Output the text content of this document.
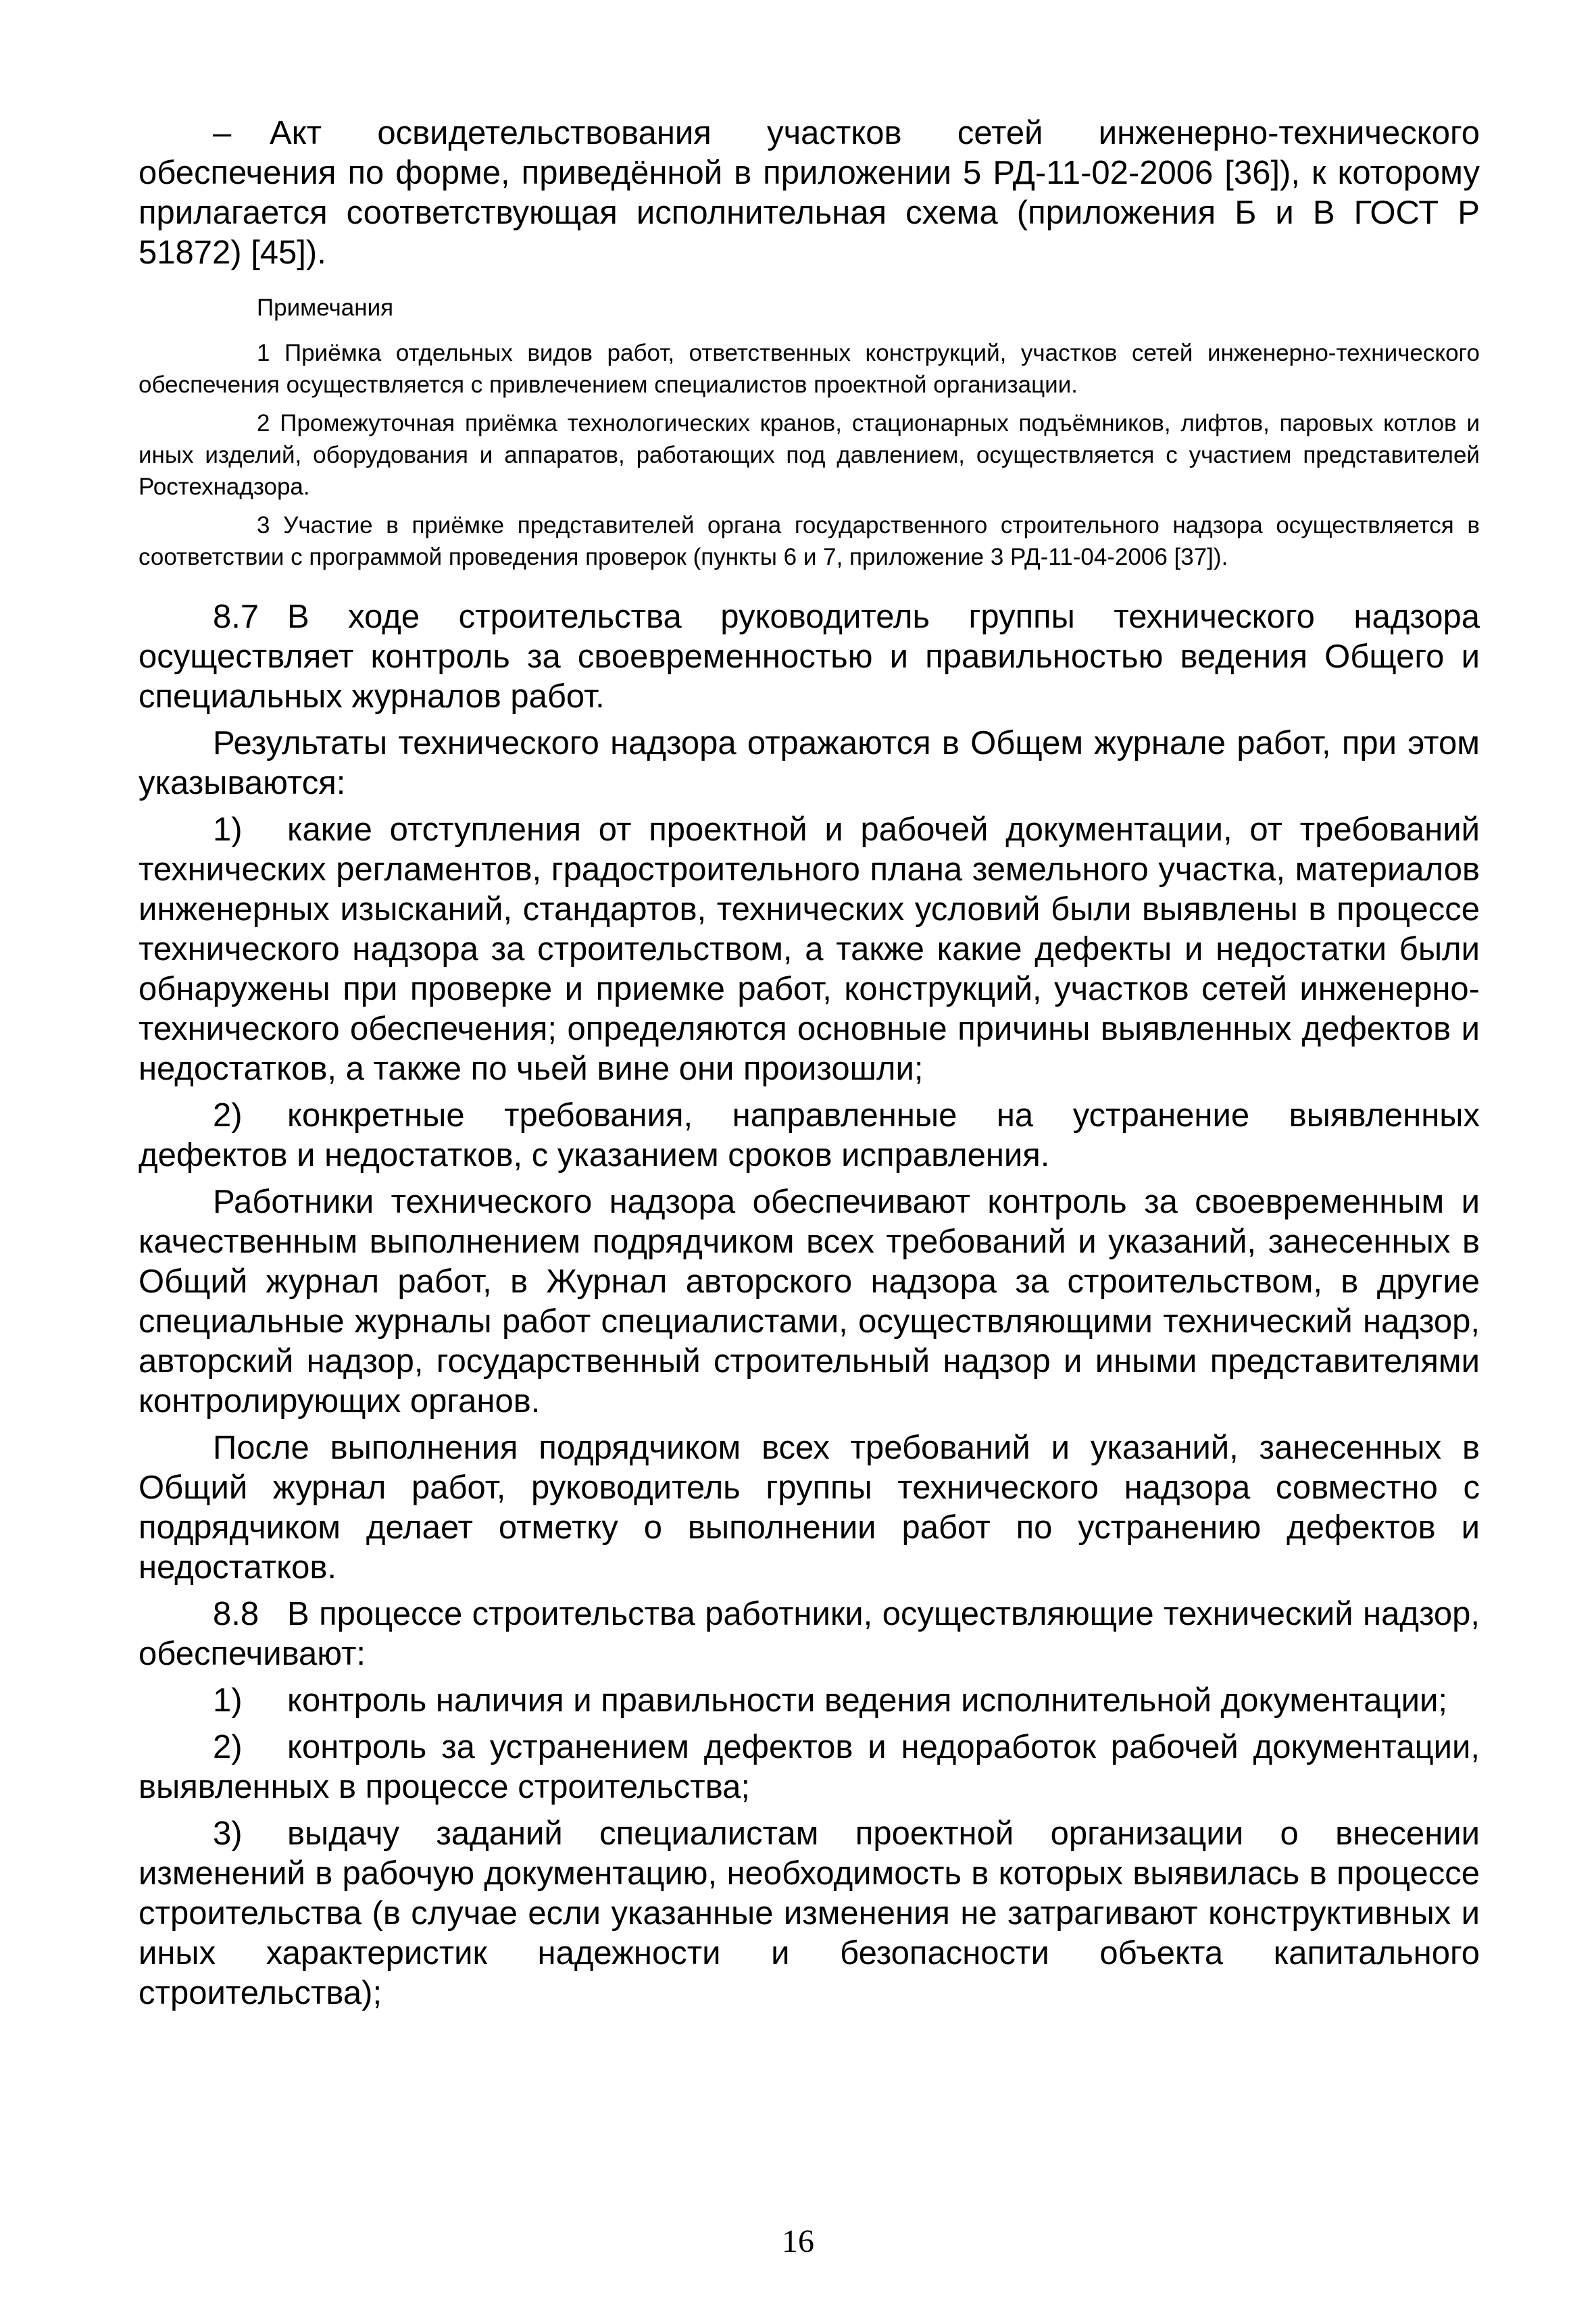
– Акт освидетельствования участков сетей инженерно-технического обеспечения по форме, приведённой в приложении 5 РД-11-02-2006 [36]), к которому прилагается соответствующая исполнительная схема (приложения Б и В ГОСТ Р 51872) [45]).

Примечания

1 Приёмка отдельных видов работ, ответственных конструкций, участков сетей инженерно-технического обеспечения осуществляется с привлечением специалистов проектной организации.

2 Промежуточная приёмка технологических кранов, стационарных подъёмников, лифтов, паровых котлов и иных изделий, оборудования и аппаратов, работающих под давлением, осуществляется с участием представителей Ростехнадзора.

3 Участие в приёмке представителей органа государственного строительного надзора осуществляется в соответствии с программой проведения проверок (пункты 6 и 7, приложение 3 РД-11-04-2006 [37]).

8.7 В ходе строительства руководитель группы технического надзора осуществляет контроль за своевременностью и правильностью ведения Общего и специальных журналов работ.

Результаты технического надзора отражаются в Общем журнале работ, при этом указываются:

1) какие отступления от проектной и рабочей документации, от требований технических регламентов, градостроительного плана земельного участка, материалов инженерных изысканий, стандартов, технических условий были выявлены в процессе технического надзора за строительством, а также какие дефекты и недостатки были обнаружены при проверке и приемке работ, конструкций, участков сетей инженерно-технического обеспечения; определяются основные причины выявленных дефектов и недостатков, а также по чьей вине они произошли;

2) конкретные требования, направленные на устранение выявленных дефектов и недостатков, с указанием сроков исправления.

Работники технического надзора обеспечивают контроль за своевременным и качественным выполнением подрядчиком всех требований и указаний, занесенных в Общий журнал работ, в Журнал авторского надзора за строительством, в другие специальные журналы работ специалистами, осуществляющими технический надзор, авторский надзор, государственный строительный надзор и иными представителями контролирующих органов.

После выполнения подрядчиком всех требований и указаний, занесенных в Общий журнал работ, руководитель группы технического надзора совместно с подрядчиком делает отметку о выполнении работ по устранению дефектов и недостатков.

8.8 В процессе строительства работники, осуществляющие технический надзор, обеспечивают:

1) контроль наличия и правильности ведения исполнительной документации;

2) контроль за устранением дефектов и недоработок рабочей документации, выявленных в процессе строительства;

3) выдачу заданий специалистам проектной организации о внесении изменений в рабочую документацию, необходимость в которых выявилась в процессе строительства (в случае если указанные изменения не затрагивают конструктивных и иных характеристик надежности и безопасности объекта капитального строительства);

16
